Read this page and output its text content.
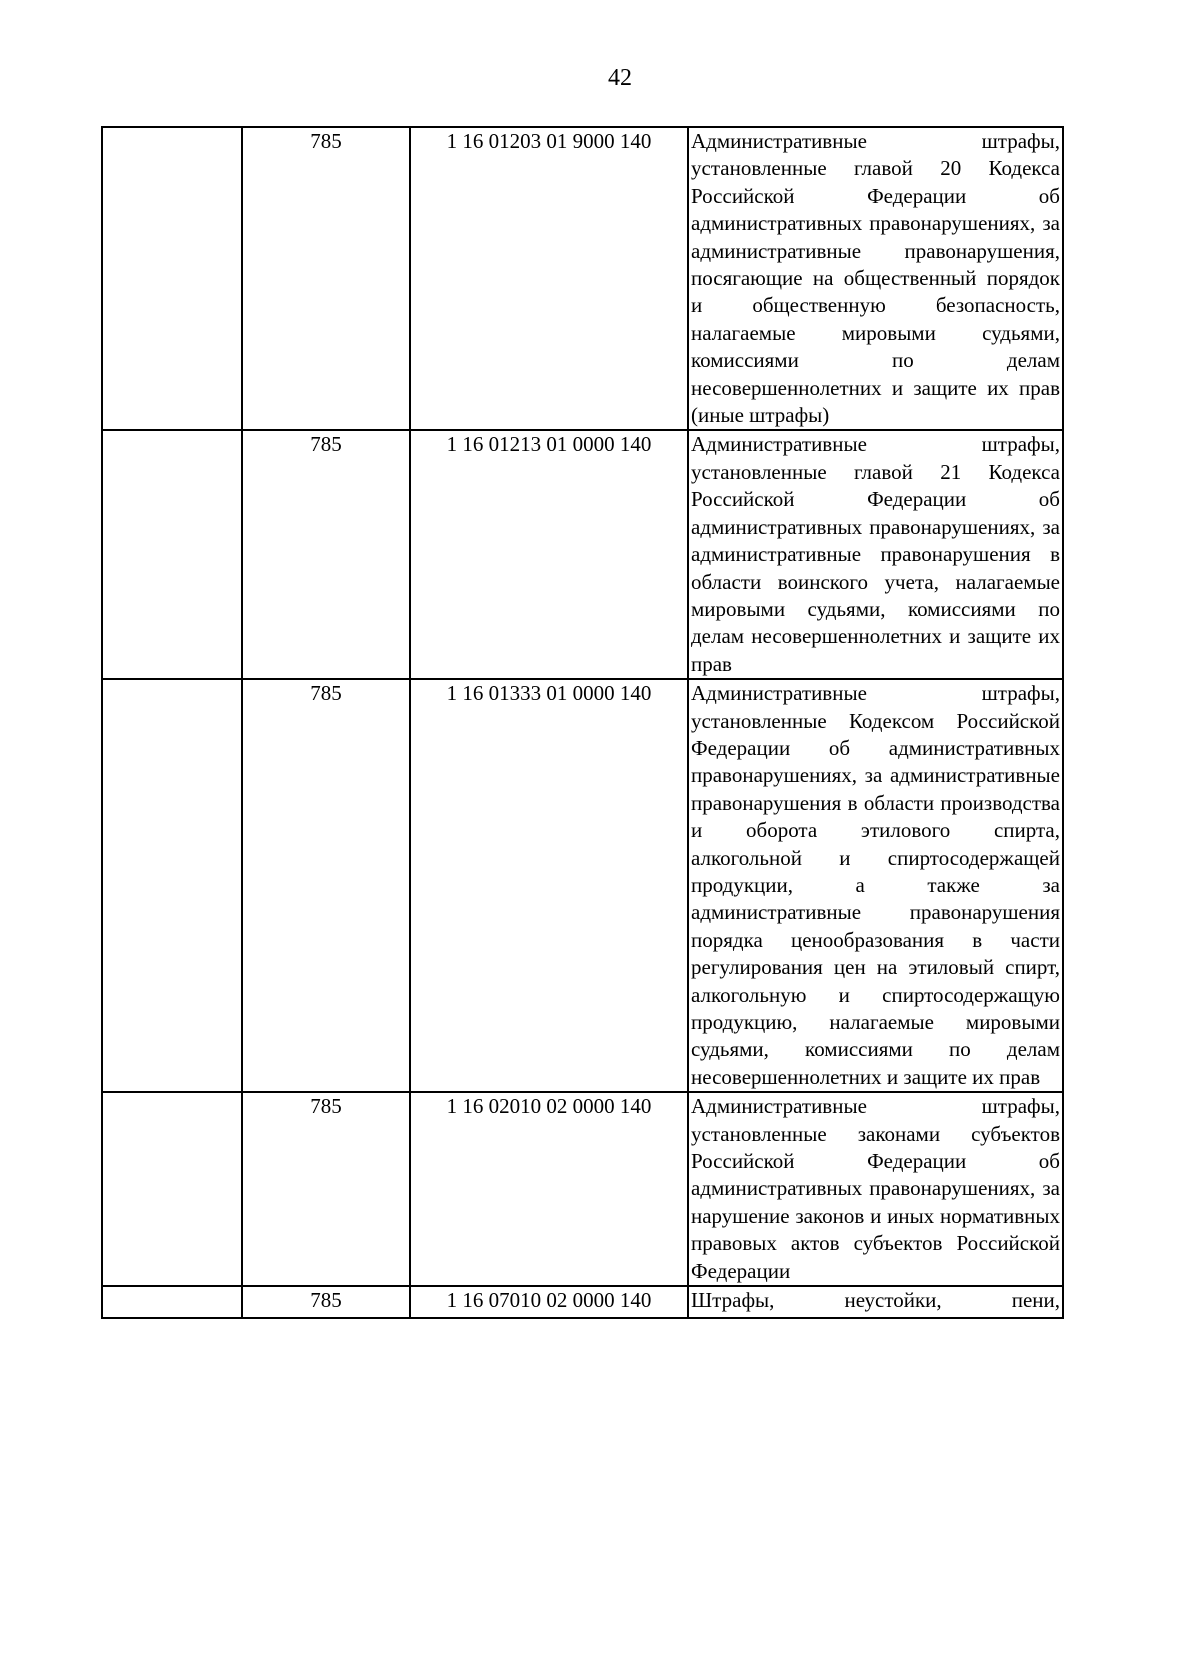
42
	785	1 16 01203 01 9000 140	Административные штрафы, установленные главой 20 Кодекса Российской Федерации об административных правонарушениях, за административные правонарушения, посягающие на общественный порядок и общественную безопасность, налагаемые мировыми судьями, комиссиями по делам несовершеннолетних и защите их прав (иные штрафы)

	785	1 16 01213 01 0000 140	Административные штрафы, установленные главой 21 Кодекса Российской Федерации об административных правонарушениях, за административные правонарушения в области воинского учета, налагаемые мировыми судьями, комиссиями по делам несовершеннолетних и защите их прав

	785	1 16 01333 01 0000 140	Административные штрафы, установленные Кодексом Российской Федерации об административных правонарушениях, за административные правонарушения в области производства и оборота этилового спирта, алкогольной и спиртосодержащей продукции, а также за административные правонарушения порядка ценообразования в части регулирования цен на этиловый спирт, алкогольную и спиртосодержащую продукцию, налагаемые мировыми судьями, комиссиями по делам несовершеннолетних и защите их прав

	785	1 16 02010 02 0000 140	Административные штрафы, установленные законами субъектов Российской Федерации об административных правонарушениях, за нарушение законов и иных нормативных правовых актов субъектов Российской Федерации

	785	1 16 07010 02 0000 140	Штрафы, неустойки, пени,
